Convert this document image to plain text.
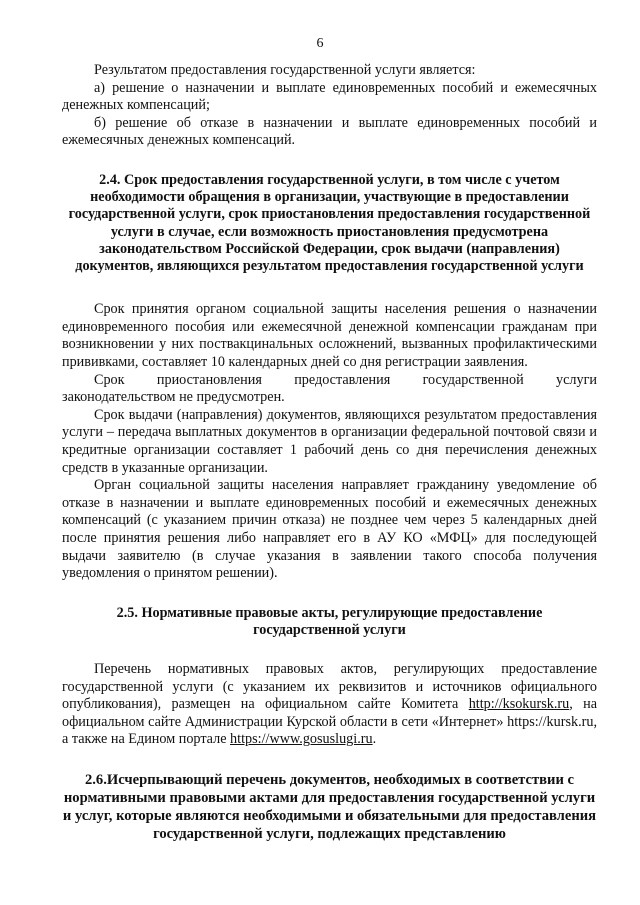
6

Результатом предоставления государственной услуги является:

а) решение о назначении и выплате единовременных пособий и ежемесячных денежных компенсаций;

б) решение об отказе в назначении и выплате единовременных пособий и ежемесячных денежных компенсаций.

2.4. Срок предоставления государственной услуги, в том числе с учетом необходимости обращения в организации, участвующие в предоставлении государственной услуги, срок приостановления предоставления государственной услуги в случае, если возможность приостановления предусмотрена законодательством Российской Федерации, срок выдачи (направления) документов, являющихся результатом предоставления государственной услуги

Срок принятия органом социальной защиты населения решения о назначении единовременного пособия или ежемесячной денежной компенсации гражданам при возникновении у них поствакцинальных осложнений, вызванных профилактическими прививками, составляет 10 календарных дней со дня регистрации заявления.

Срок приостановления предоставления государственной услуги законодательством не предусмотрен.

Срок выдачи (направления) документов, являющихся результатом предоставления услуги – передача выплатных документов в организации федеральной почтовой связи и кредитные организации составляет 1 рабочий день со дня перечисления денежных средств в указанные организации.

Орган социальной защиты населения направляет гражданину уведомление об отказе в назначении и выплате единовременных пособий и ежемесячных денежных компенсаций (с указанием причин отказа) не позднее чем через 5 календарных дней после принятия решения либо направляет его в АУ КО «МФЦ» для последующей выдачи заявителю (в случае указания в заявлении такого способа получения уведомления о принятом решении).

2.5. Нормативные правовые акты, регулирующие предоставление государственной услуги

Перечень нормативных правовых актов, регулирующих предоставление государственной услуги (с указанием их реквизитов и источников официального опубликования), размещен на официальном сайте Комитета http://ksokursk.ru, на официальном сайте Администрации Курской области в сети «Интернет» https://kursk.ru, а также на Едином портале https://www.gosuslugi.ru.

2.6.Исчерпывающий перечень документов, необходимых в соответствии с нормативными правовыми актами для предоставления государственной услуги и услуг, которые являются необходимыми и обязательными для предоставления государственной услуги, подлежащих представлению
